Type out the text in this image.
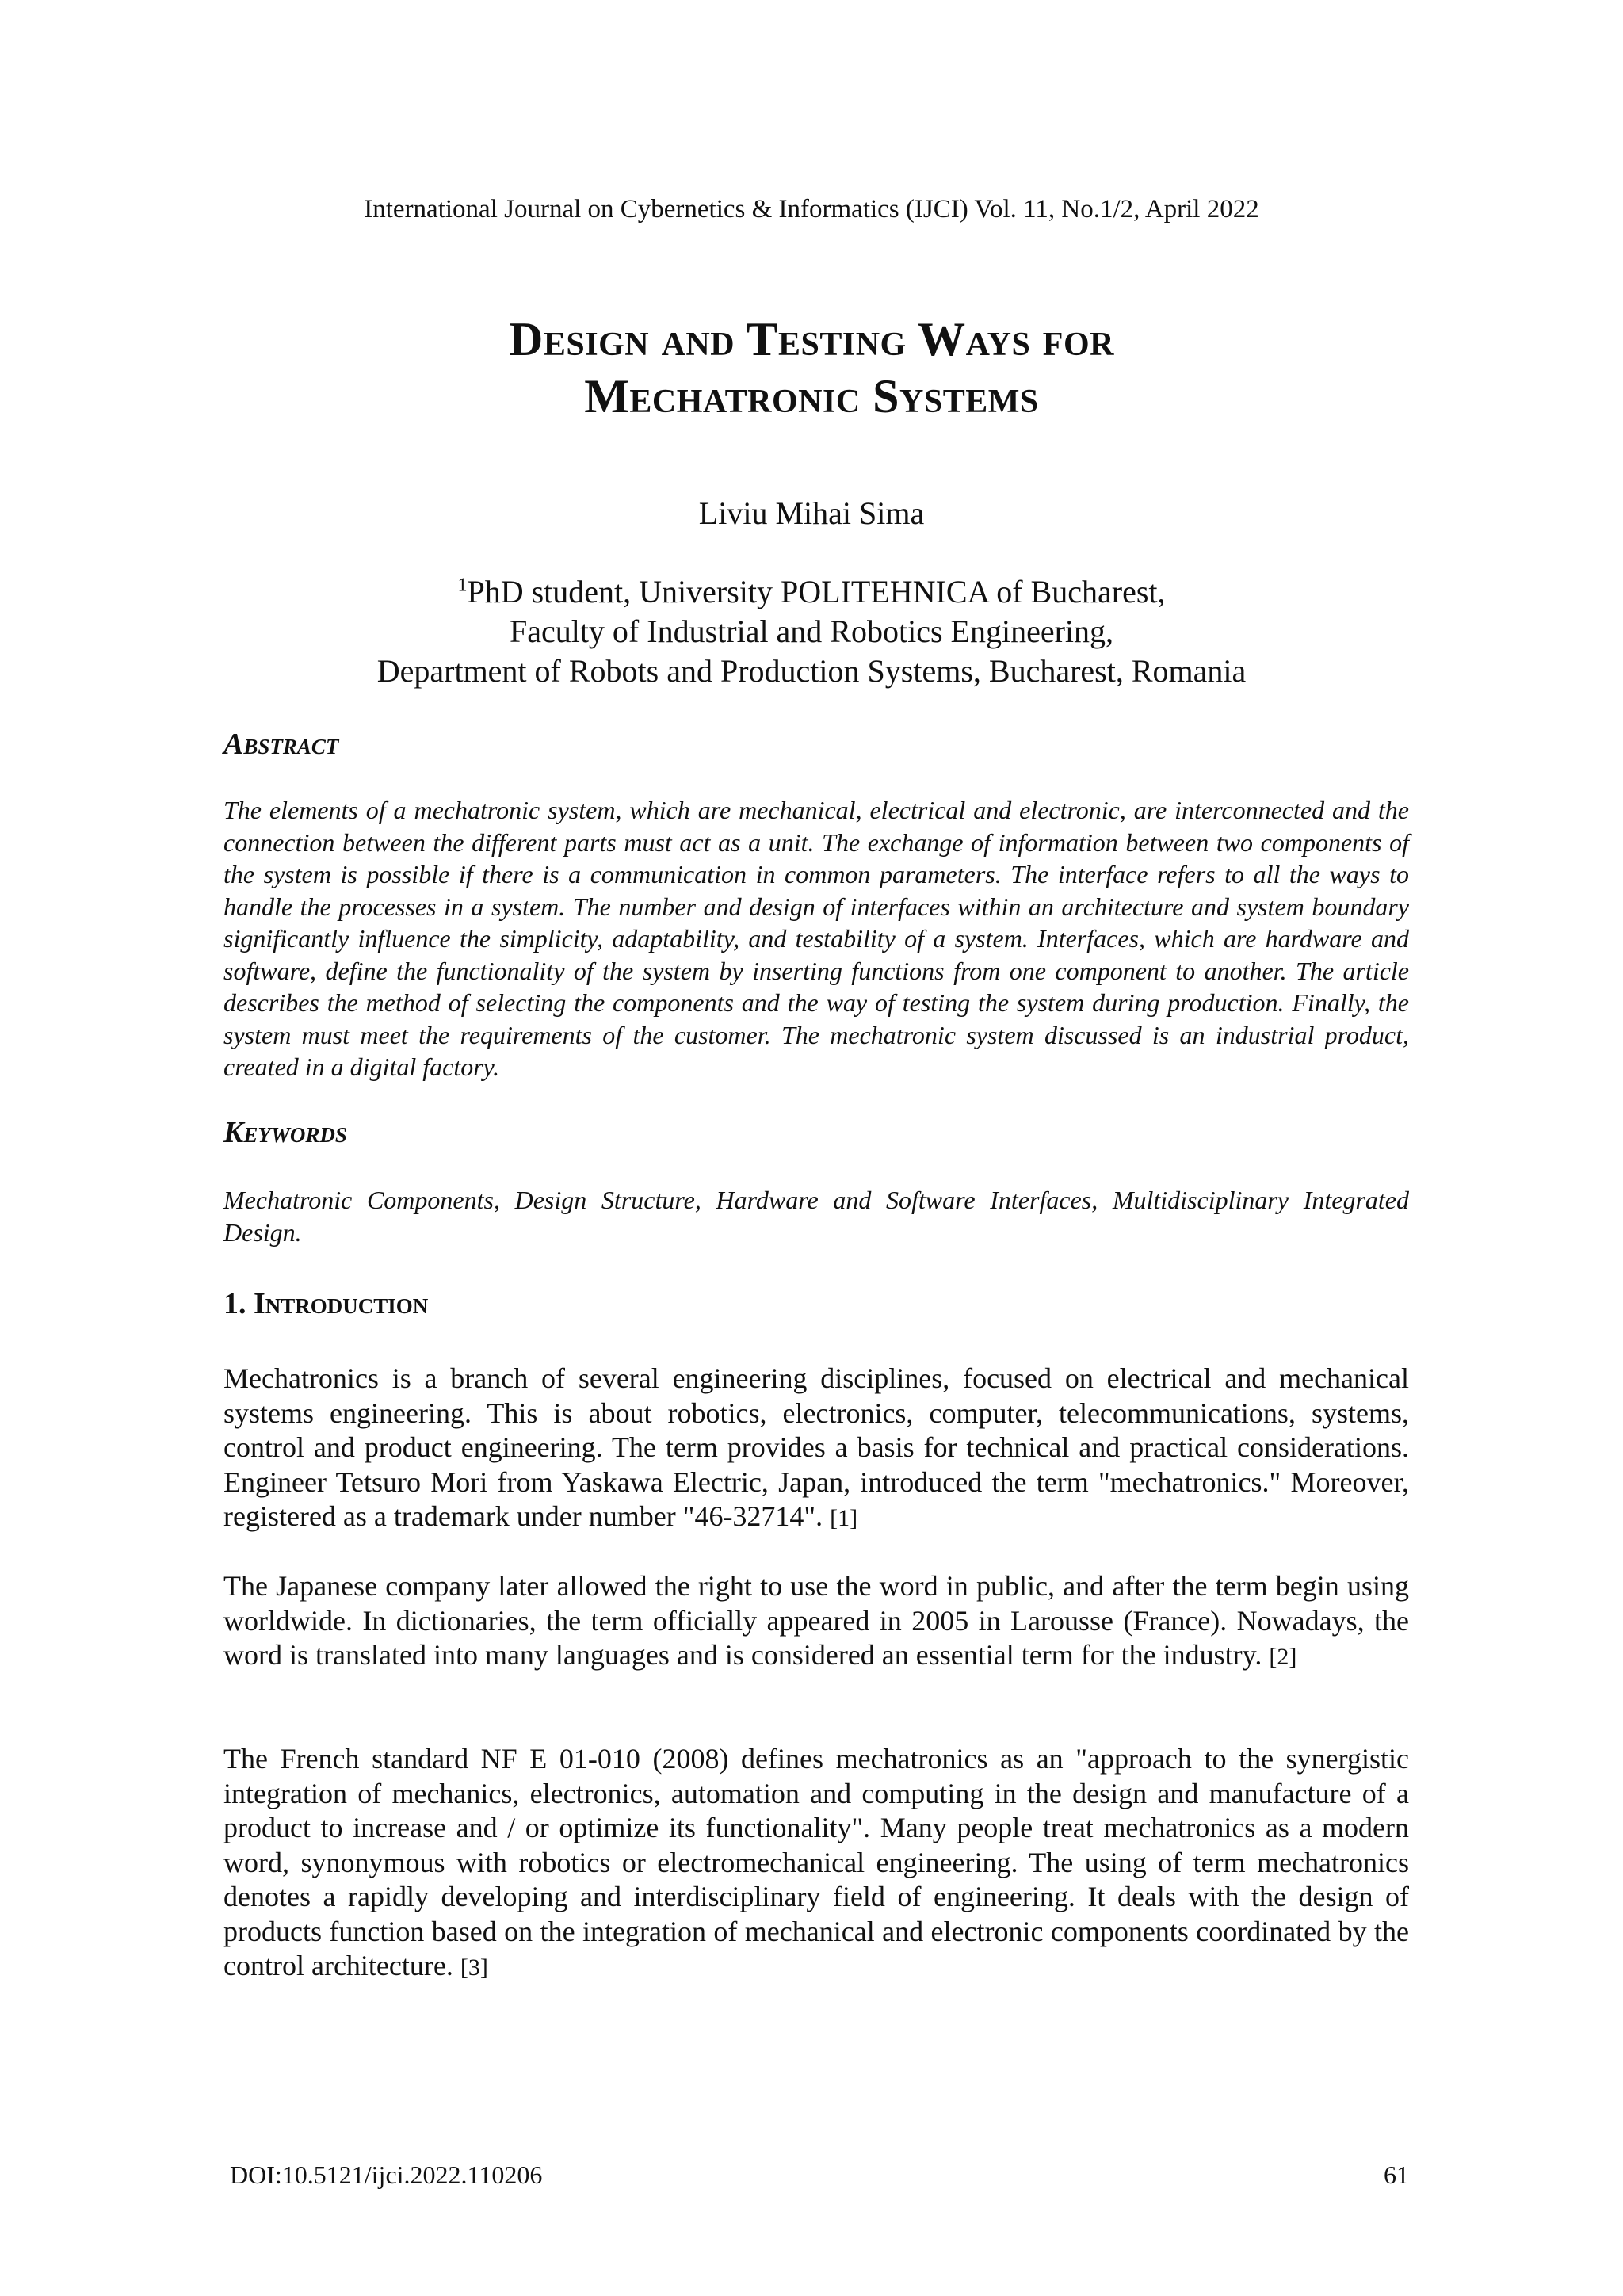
International Journal on Cybernetics & Informatics (IJCI) Vol. 11, No.1/2, April 2022
Design and Testing Ways for
Mechatronic Systems
Liviu Mihai Sima
$^1$PhD student, University POLITEHNICA of Bucharest,
Faculty of Industrial and Robotics Engineering,
Department of Robots and Production Systems, Bucharest, Romania
Abstract
The elements of a mechatronic system, which are mechanical, electrical and electronic, are interconnected and the connection between the different parts must act as a unit. The exchange of information between two components of the system is possible if there is a communication in common parameters. The interface refers to all the ways to handle the processes in a system. The number and design of interfaces within an architecture and system boundary significantly influence the simplicity, adaptability, and testability of a system. Interfaces, which are hardware and software, define the functionality of the system by inserting functions from one component to another. The article describes the method of selecting the components and the way of testing the system during production. Finally, the system must meet the requirements of the customer. The mechatronic system discussed is an industrial product, created in a digital factory.
Keywords
Mechatronic Components, Design Structure, Hardware and Software Interfaces, Multidisciplinary Integrated Design.
1. Introduction
Mechatronics is a branch of several engineering disciplines, focused on electrical and mechanical systems engineering. This is about robotics, electronics, computer, telecommunications, systems, control and product engineering. The term provides a basis for technical and practical considerations. Engineer Tetsuro Mori from Yaskawa Electric, Japan, introduced the term "mechatronics." Moreover, registered as a trademark under number "46-32714". [1]
The Japanese company later allowed the right to use the word in public, and after the term begin using worldwide. In dictionaries, the term officially appeared in 2005 in Larousse (France). Nowadays, the word is translated into many languages and is considered an essential term for the industry. [2]
The French standard NF E 01-010 (2008) defines mechatronics as an "approach to the synergistic integration of mechanics, electronics, automation and computing in the design and manufacture of a product to increase and / or optimize its functionality". Many people treat mechatronics as a modern word, synonymous with robotics or electromechanical engineering. The using of term mechatronics denotes a rapidly developing and interdisciplinary field of engineering. It deals with the design of products function based on the integration of mechanical and electronic components coordinated by the control architecture. [3]
DOI:10.5121/ijci.2022.110206	61
